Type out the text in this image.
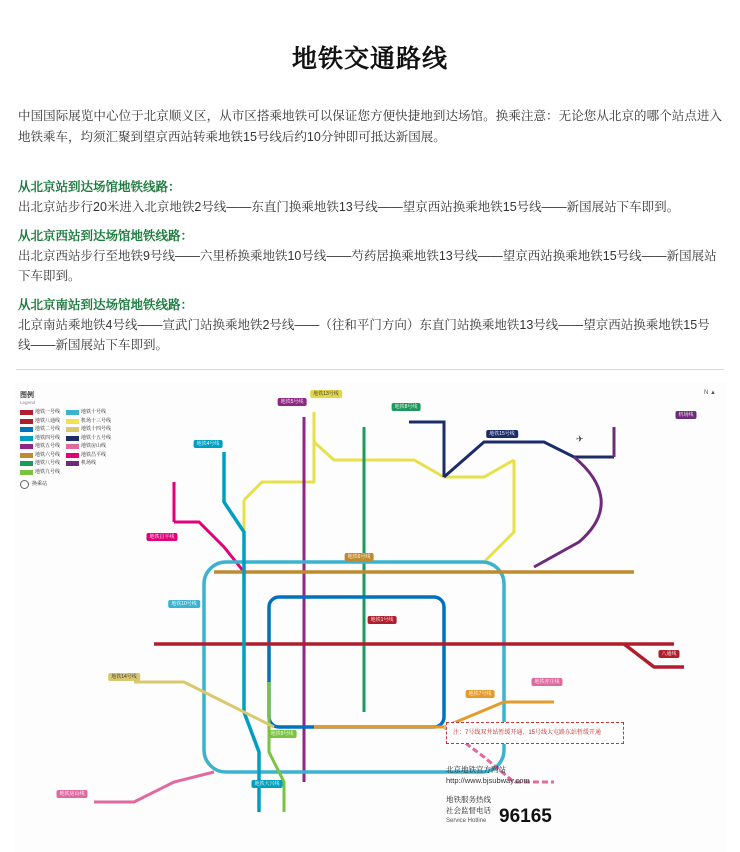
地铁交通路线

中国国际展览中心位于北京顺义区，从市区搭乘地铁可以保证您方便快捷地到达场馆。换乘注意：无论您从北京的哪个站点进入地铁乘车，均须汇聚到望京西站转乘地铁15号线后约10分钟即可抵达新国展。

从北京站到达场馆地铁线路：
出北京站步行20米进入北京地铁2号线——东直门换乘地铁13号线——望京西站换乘地铁15号线——新国展站下车即到。
从北京西站到达场馆地铁线路：
出北京西站步行至地铁9号线——六里桥换乘地铁10号线——芍药居换乘地铁13号线——望京西站换乘地铁15号线——新国展站下车即到。
从北京南站到达场馆地铁线路：
北京南站乘地铁4号线——宣武门站换乘地铁2号线——（往和平门方向）东直门站换乘地铁13号线——望京西站换乘地铁15号线——新国展站下车即到。
图例
Legend
地铁一号线
地铁八通线
地铁二号线
地铁四号线
地铁五号线
地铁六号线
地铁八号线
地铁九号线
地铁十号线
机场十三号线
地铁十四号线
地铁十五号线
地铁房山线
地铁昌平线
机场线
换乘站
地铁5号线
地铁13号线
地铁8号线
地铁15号线
机场线
地铁14号线
地铁4号线
地铁昌平线
地铁10号线
地铁6号线
地铁1号线
地铁9号线
地铁7号线
地铁亦庄线
八通线
地铁房山线
地铁大兴线
✈
N ▲
注：7号线双井站暂缓开通、15号线大屯路东站暂缓开通
北京地铁官方网站
http://www.bjsubway.com
地铁服务热线
社会监督电话
Service Hotline 96165
